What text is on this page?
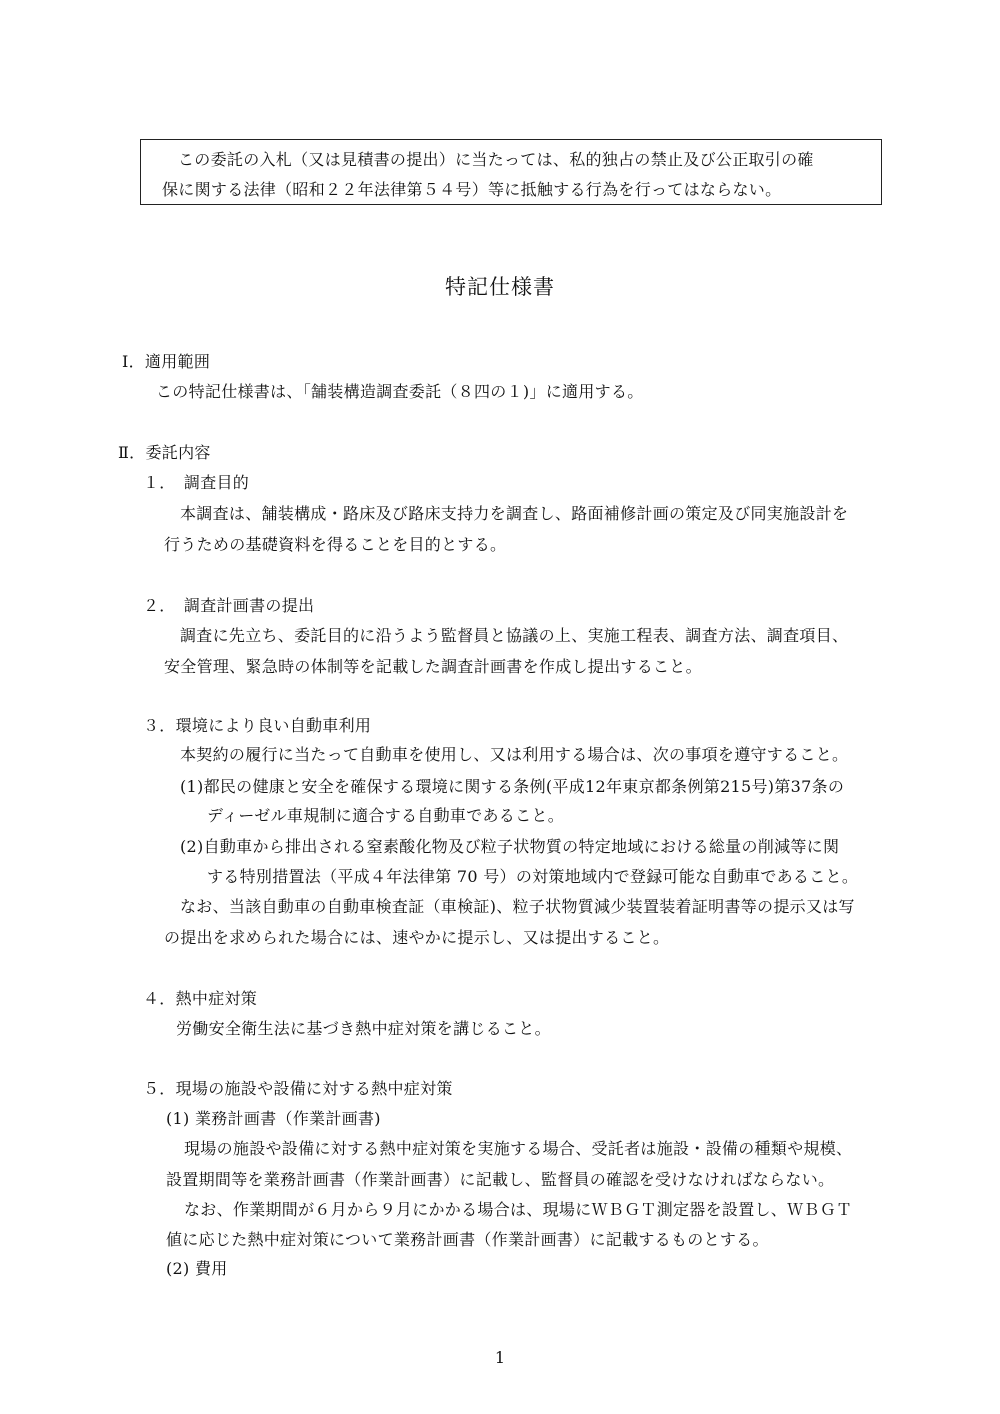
この委託の入札（又は見積書の提出）に当たっては、私的独占の禁止及び公正取引の確
保に関する法律（昭和２２年法律第５４号）等に抵触する行為を行ってはならない。
特記仕様書
Ⅰ．適用範囲
この特記仕様書は、「舗装構造調査委託（８四の１)」に適用する。
Ⅱ．委託内容
１．　調査目的
本調査は、舗装構成・路床及び路床支持力を調査し、路面補修計画の策定及び同実施設計を
行うための基礎資料を得ることを目的とする。
２．　調査計画書の提出
調査に先立ち、委託目的に沿うよう監督員と協議の上、実施工程表、調査方法、調査項目、
安全管理、緊急時の体制等を記載した調査計画書を作成し提出すること。
３．環境により良い自動車利用
本契約の履行に当たって自動車を使用し、又は利用する場合は、次の事項を遵守すること。
(1)都民の健康と安全を確保する環境に関する条例(平成12年東京都条例第215号)第37条の
ディーゼル車規制に適合する自動車であること。
(2)自動車から排出される窒素酸化物及び粒子状物質の特定地域における総量の削減等に関
する特別措置法（平成４年法律第 70 号）の対策地域内で登録可能な自動車であること。
なお、当該自動車の自動車検査証（車検証)、粒子状物質減少装置装着証明書等の提示又は写
の提出を求められた場合には、速やかに提示し、又は提出すること。
４．熱中症対策
労働安全衛生法に基づき熱中症対策を講じること。
５．現場の施設や設備に対する熱中症対策
(1) 業務計画書（作業計画書)
現場の施設や設備に対する熱中症対策を実施する場合、受託者は施設・設備の種類や規模、
設置期間等を業務計画書（作業計画書）に記載し、監督員の確認を受けなければならない。
なお、作業期間が６月から９月にかかる場合は、現場にＷＢＧＴ測定器を設置し、ＷＢＧＴ
値に応じた熱中症対策について業務計画書（作業計画書）に記載するものとする。
(2) 費用
1
